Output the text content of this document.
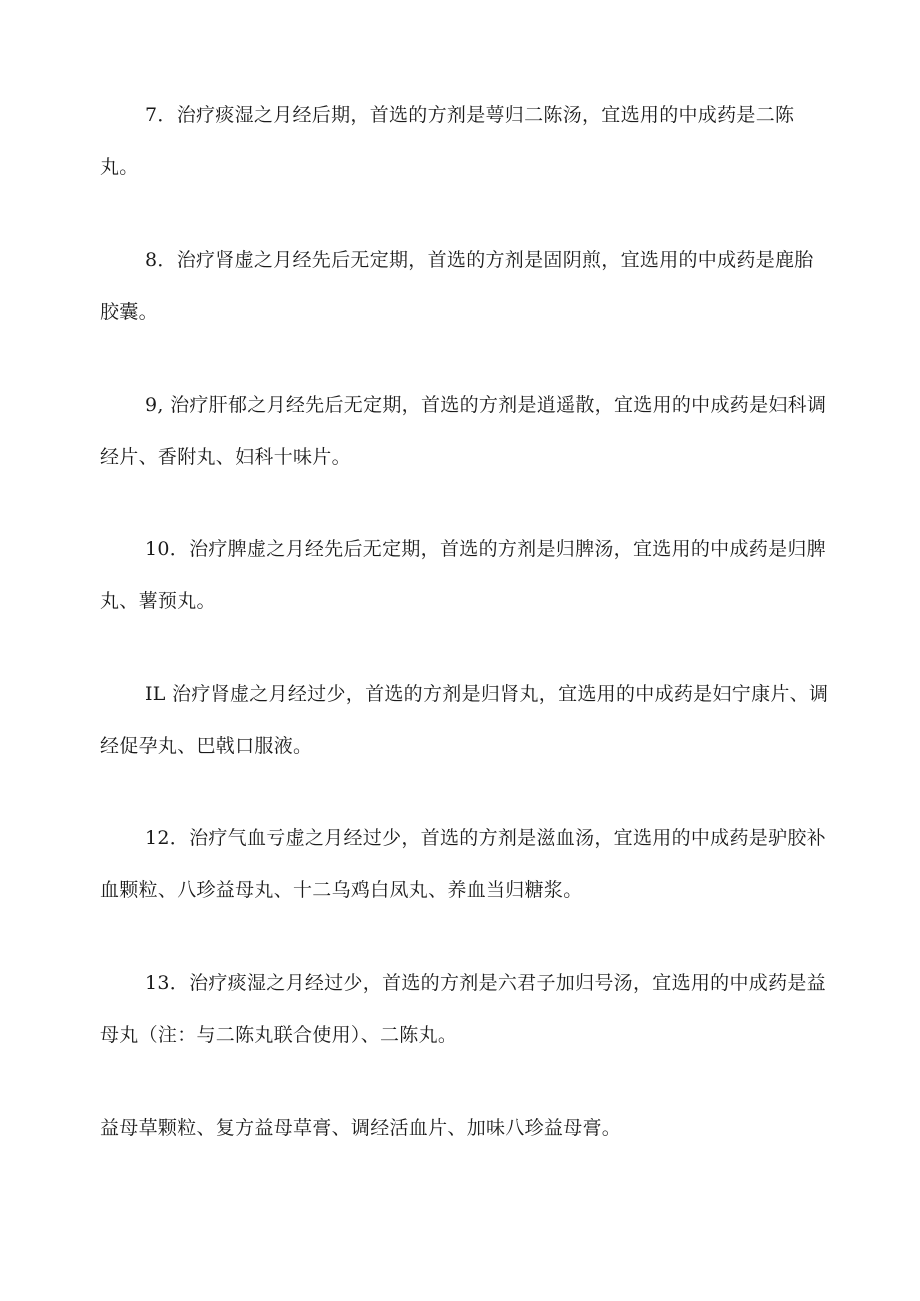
7．治疗痰湿之月经后期，首选的方剂是萼归二陈汤，宜选用的中成药是二陈丸。

8．治疗肾虚之月经先后无定期，首选的方剂是固阴煎，宜选用的中成药是鹿胎胶囊。

9, 治疗肝郁之月经先后无定期，首选的方剂是逍遥散，宜选用的中成药是妇科调经片、香附丸、妇科十味片。

10．治疗脾虚之月经先后无定期，首选的方剂是归脾汤，宜选用的中成药是归脾丸、薯预丸。

IL 治疗肾虚之月经过少，首选的方剂是归肾丸，宜选用的中成药是妇宁康片、调经促孕丸、巴戟口服液。

12．治疗气血亏虚之月经过少，首选的方剂是滋血汤，宜选用的中成药是驴胶补血颗粒、八珍益母丸、十二乌鸡白凤丸、养血当归糖浆。

13．治疗痰湿之月经过少，首选的方剂是六君子加归号汤，宜选用的中成药是益母丸（注：与二陈丸联合使用）、二陈丸。

益母草颗粒、复方益母草膏、调经活血片、加味八珍益母膏。
